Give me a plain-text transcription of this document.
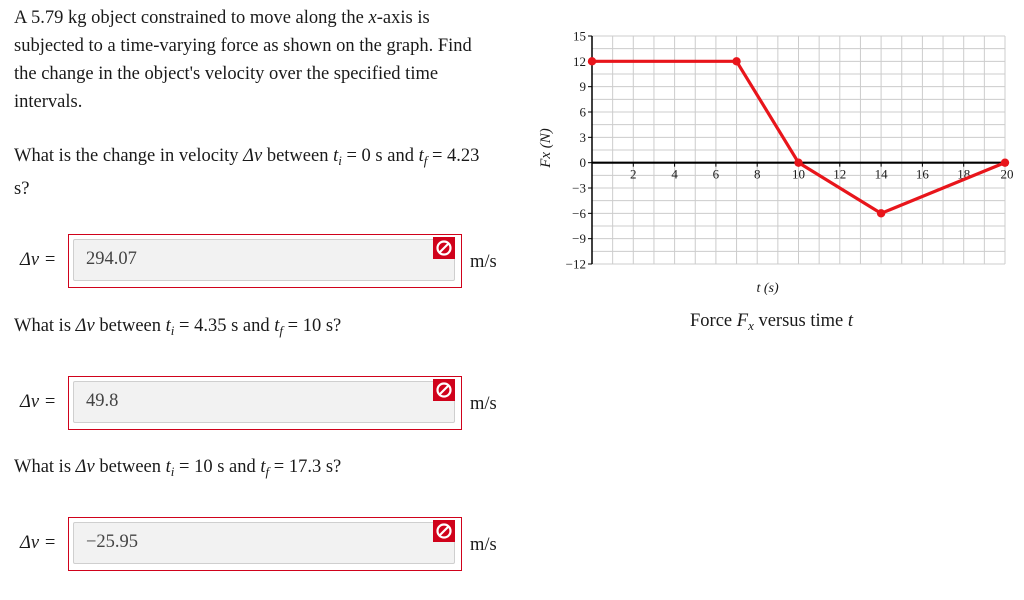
A 5.79 kg object constrained to move along the x-axis is subjected to a time-varying force as shown on the graph. Find the change in the object's velocity over the specified time intervals.
What is the change in velocity Δv between $t_i = 0$ s and $t_f = 4.23$ s?
Δv = 294.07	m/s
What is Δv between $t_i = 4.35$ s and $t_f = 10$ s?
Δv = 49.8	m/s
What is Δv between $t_i = 10$ s and $t_f = 17.3$ s?
Δv = −25.95	m/s
15
12
9
6
3
0
−3
−6
−9
−12
2	4	6	8 10 12 14 16 18 20
Fx (N)
t (s)
Force $F_x$ versus time t
